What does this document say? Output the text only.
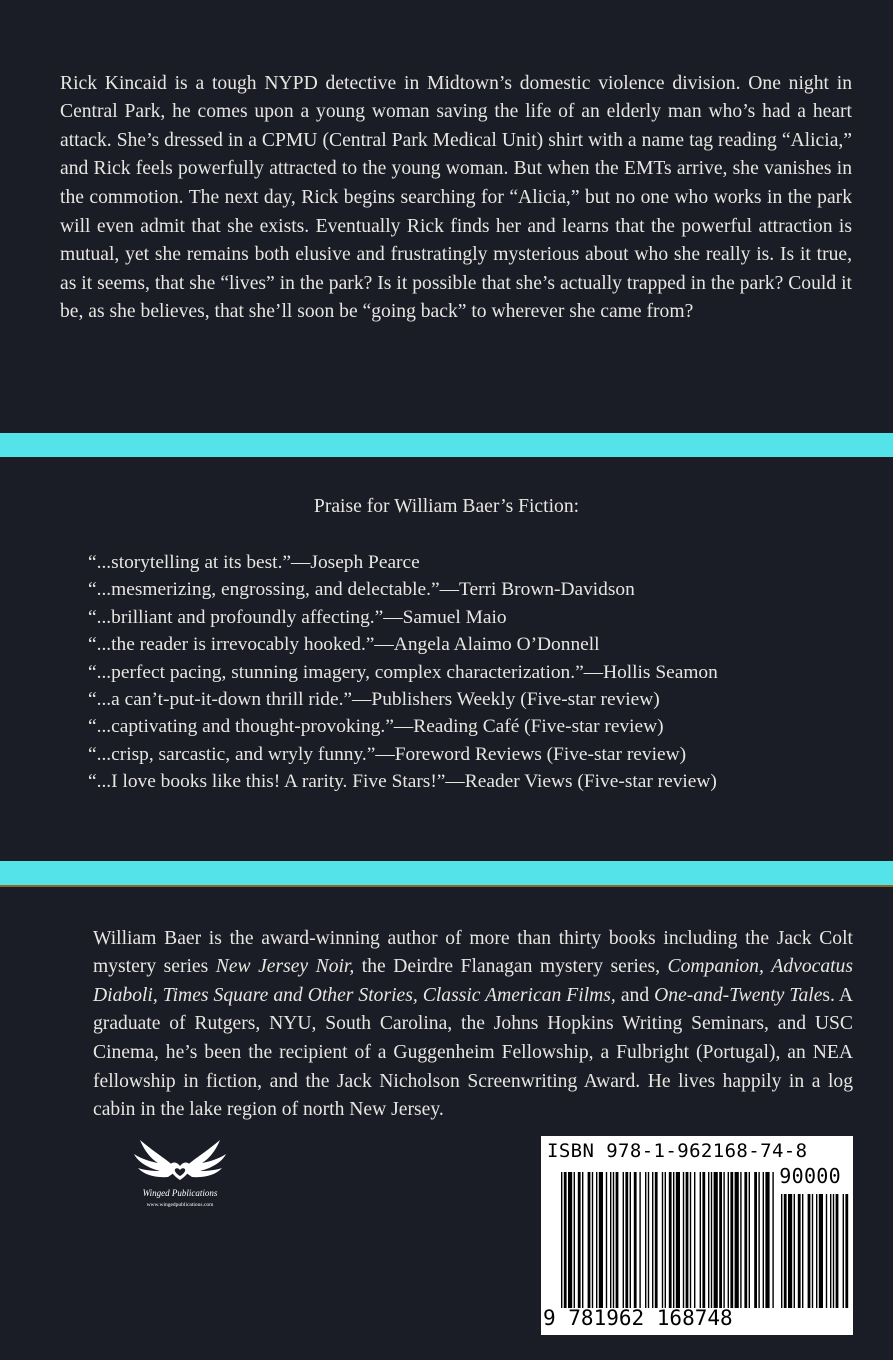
Rick Kincaid is a tough NYPD detective in Midtown’s domestic violence division. One night in Central Park, he comes upon a young woman saving the life of an elderly man who’s had a heart attack. She’s dressed in a CPMU (Central Park Medical Unit) shirt with a name tag reading “Alicia,” and Rick feels powerfully attracted to the young woman. But when the EMTs arrive, she vanishes in the commotion. The next day, Rick begins searching for “Alicia,” but no one who works in the park will even admit that she exists. Eventually Rick finds her and learns that the powerful attraction is mutual, yet she remains both elusive and frustratingly mysterious about who she really is. Is it true, as it seems, that she “lives” in the park? Is it possible that she’s actually trapped in the park? Could it be, as she believes, that she’ll soon be “going back” to wherever she came from?

Praise for William Baer’s Fiction:
“...storytelling at its best.”—Joseph Pearce
“...mesmerizing, engrossing, and delectable.”—Terri Brown-Davidson
“...brilliant and profoundly affecting.”—Samuel Maio
“...the reader is irrevocably hooked.”—Angela Alaimo O’Donnell
“...perfect pacing, stunning imagery, complex characterization.”—Hollis Seamon
“...a can’t-put-it-down thrill ride.”—Publishers Weekly (Five-star review)
“...captivating and thought-provoking.”—Reading Café (Five-star review)
“...crisp, sarcastic, and wryly funny.”—Foreword Reviews (Five-star review)
“...I love books like this! A rarity. Five Stars!”—Reader Views (Five-star review)

William Baer is the award-winning author of more than thirty books including the Jack Colt mystery series New Jersey Noir, the Deirdre Flanagan mystery series, Companion, Advocatus Diaboli, Times Square and Other Stories, Classic American Films, and One-and-Twenty Tales. A graduate of Rutgers, NYU, South Carolina, the Johns Hopkins Writing Seminars, and USC Cinema, he’s been the recipient of a Guggenheim Fellowship, a Fulbright (Portugal), an NEA fellowship in fiction, and the Jack Nicholson Screenwriting Award. He lives happily in a log cabin in the lake region of north New Jersey.

Winged Publications
www.wingedpublications.com
ISBN 978-1-962168-74-8
90000
9 781962 168748
